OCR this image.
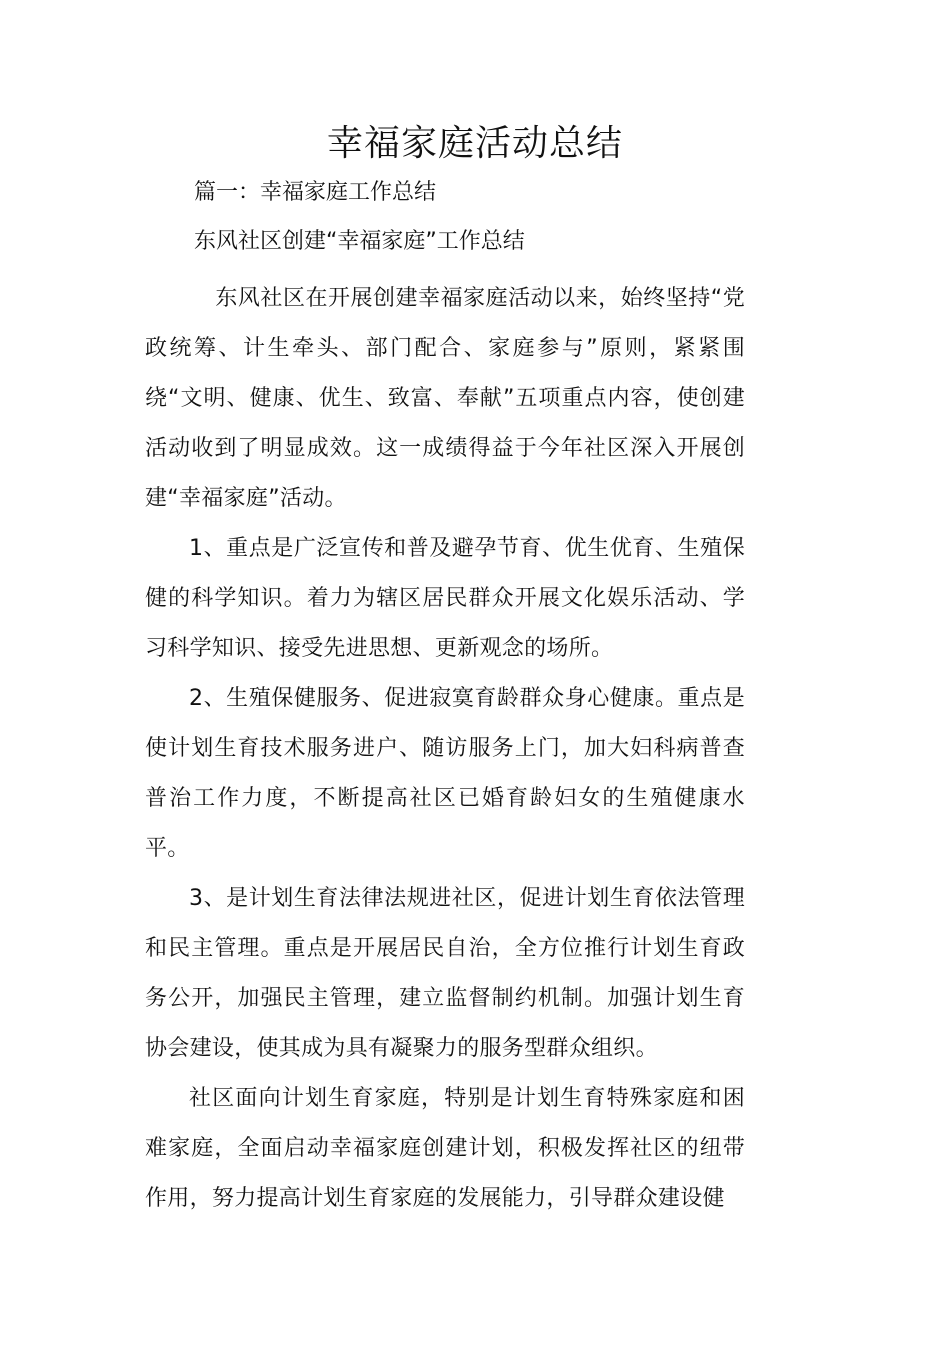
幸福家庭活动总结

篇一：幸福家庭工作总结

东风社区创建“幸福家庭”工作总结

东风社区在开展创建幸福家庭活动以来，始终坚持“党政统筹、计生牵头、部门配合、家庭参与”原则，紧紧围绕“文明、健康、优生、致富、奉献”五项重点内容，使创建活动收到了明显成效。这一成绩得益于今年社区深入开展创建“幸福家庭”活动。

1、重点是广泛宣传和普及避孕节育、优生优育、生殖保健的科学知识。着力为辖区居民群众开展文化娱乐活动、学习科学知识、接受先进思想、更新观念的场所。

2、生殖保健服务、促进寂寞育龄群众身心健康。重点是使计划生育技术服务进户、随访服务上门，加大妇科病普查普治工作力度，不断提高社区已婚育龄妇女的生殖健康水平。

3、是计划生育法律法规进社区，促进计划生育依法管理和民主管理。重点是开展居民自治，全方位推行计划生育政务公开，加强民主管理，建立监督制约机制。加强计划生育协会建设，使其成为具有凝聚力的服务型群众组织。

社区面向计划生育家庭，特别是计划生育特殊家庭和困难家庭，全面启动幸福家庭创建计划，积极发挥社区的纽带作用，努力提高计划生育家庭的发展能力，引导群众建设健
